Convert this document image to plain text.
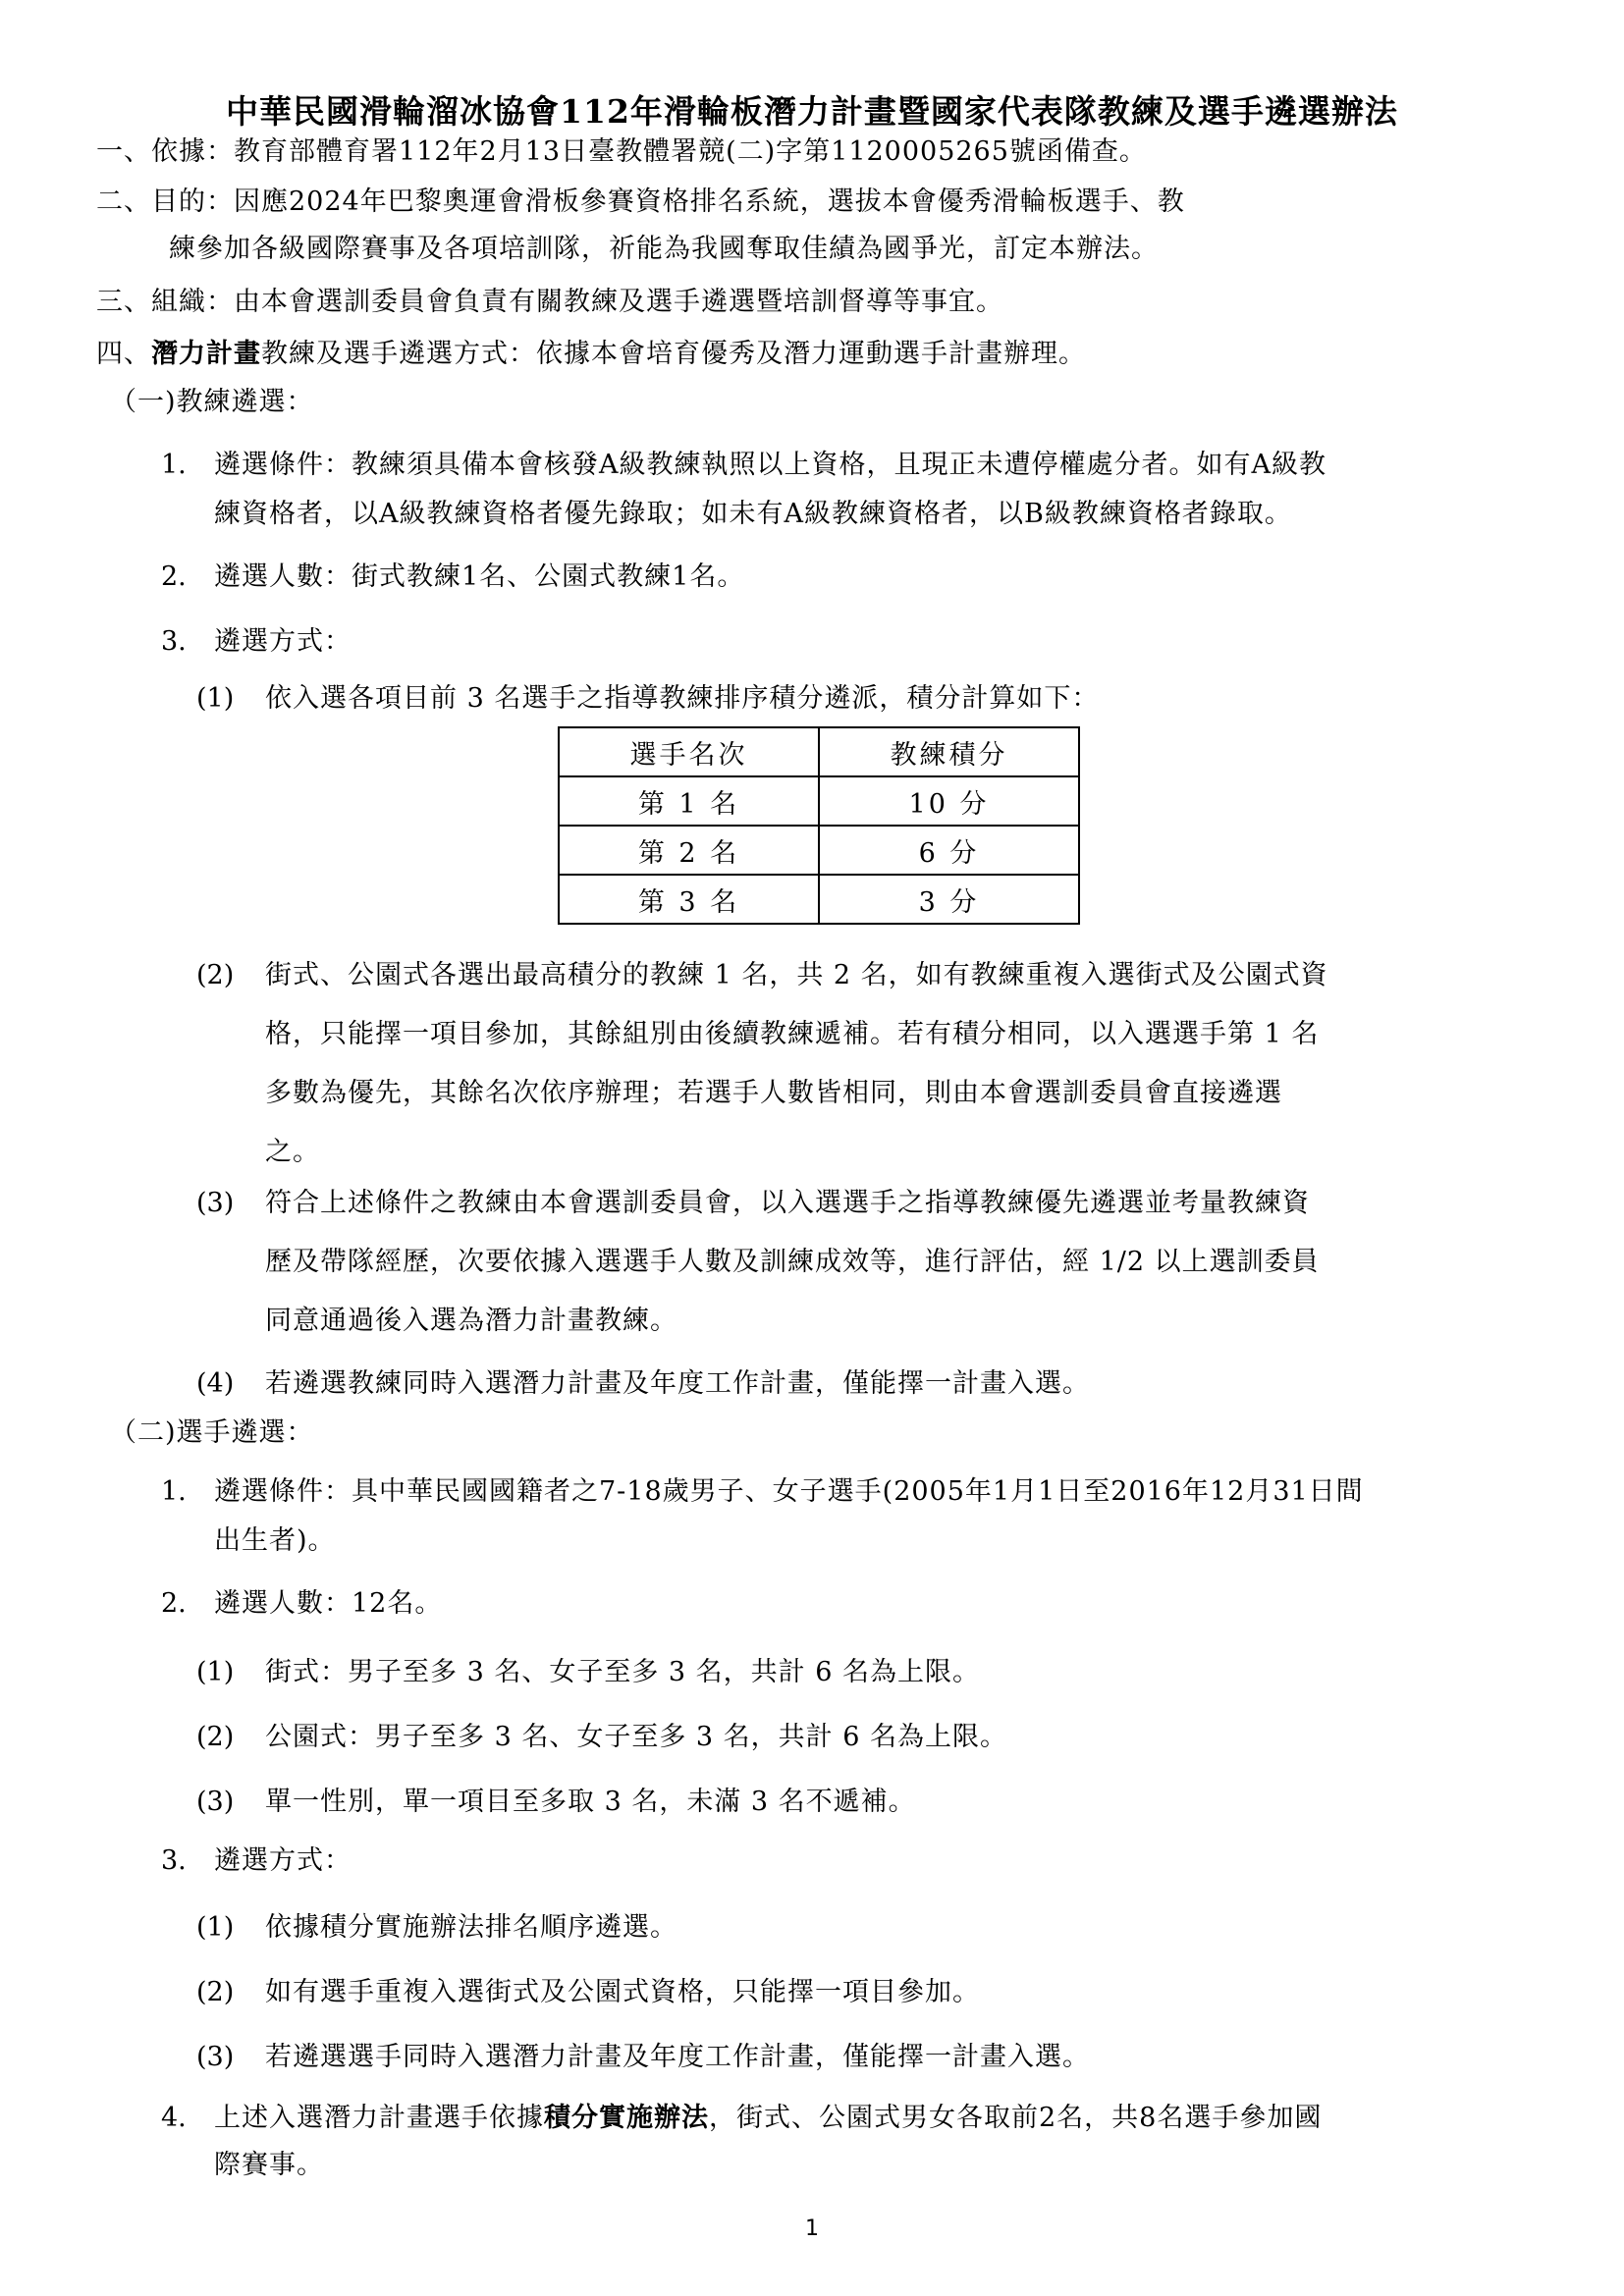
中華民國滑輪溜冰協會112年滑輪板潛力計畫暨國家代表隊教練及選手遴選辦法
一、依據：教育部體育署112年2月13日臺教體署競(二)字第1120005265號函備查。
二、目的：因應2024年巴黎奧運會滑板參賽資格排名系統，選拔本會優秀滑輪板選手、教
練參加各級國際賽事及各項培訓隊，祈能為我國奪取佳績為國爭光，訂定本辦法。
三、組織：由本會選訓委員會負責有關教練及選手遴選暨培訓督導等事宜。
四、潛力計畫教練及選手遴選方式：依據本會培育優秀及潛力運動選手計畫辦理。
（一)教練遴選：
1. 遴選條件：教練須具備本會核發A級教練執照以上資格，且現正未遭停權處分者。如有A級教
練資格者，以A級教練資格者優先錄取；如未有A級教練資格者，以B級教練資格者錄取。
2. 遴選人數：街式教練1名、公園式教練1名。
3. 遴選方式：
(1) 依入選各項目前 3 名選手之指導教練排序積分遴派，積分計算如下：
選手名次	教練積分
第 1 名	10 分
第 2 名	6 分
第 3 名	3 分
(2) 街式、公園式各選出最高積分的教練 1 名，共 2 名，如有教練重複入選街式及公園式資
格，只能擇一項目參加，其餘組別由後續教練遞補。若有積分相同，以入選選手第 1 名
多數為優先，其餘名次依序辦理；若選手人數皆相同，則由本會選訓委員會直接遴選
之。
(3) 符合上述條件之教練由本會選訓委員會，以入選選手之指導教練優先遴選並考量教練資
歷及帶隊經歷，次要依據入選選手人數及訓練成效等，進行評估，經 1/2 以上選訓委員
同意通過後入選為潛力計畫教練。
(4) 若遴選教練同時入選潛力計畫及年度工作計畫，僅能擇一計畫入選。
（二)選手遴選：
1. 遴選條件：具中華民國國籍者之7-18歲男子、女子選手(2005年1月1日至2016年12月31日間
出生者)。
2. 遴選人數：12名。
(1) 街式：男子至多 3 名、女子至多 3 名，共計 6 名為上限。
(2) 公園式：男子至多 3 名、女子至多 3 名，共計 6 名為上限。
(3) 單一性別，單一項目至多取 3 名，未滿 3 名不遞補。
3. 遴選方式：
(1) 依據積分實施辦法排名順序遴選。
(2) 如有選手重複入選街式及公園式資格，只能擇一項目參加。
(3) 若遴選選手同時入選潛力計畫及年度工作計畫，僅能擇一計畫入選。
4. 上述入選潛力計畫選手依據積分實施辦法，街式、公園式男女各取前2名，共8名選手參加國
際賽事。
1
